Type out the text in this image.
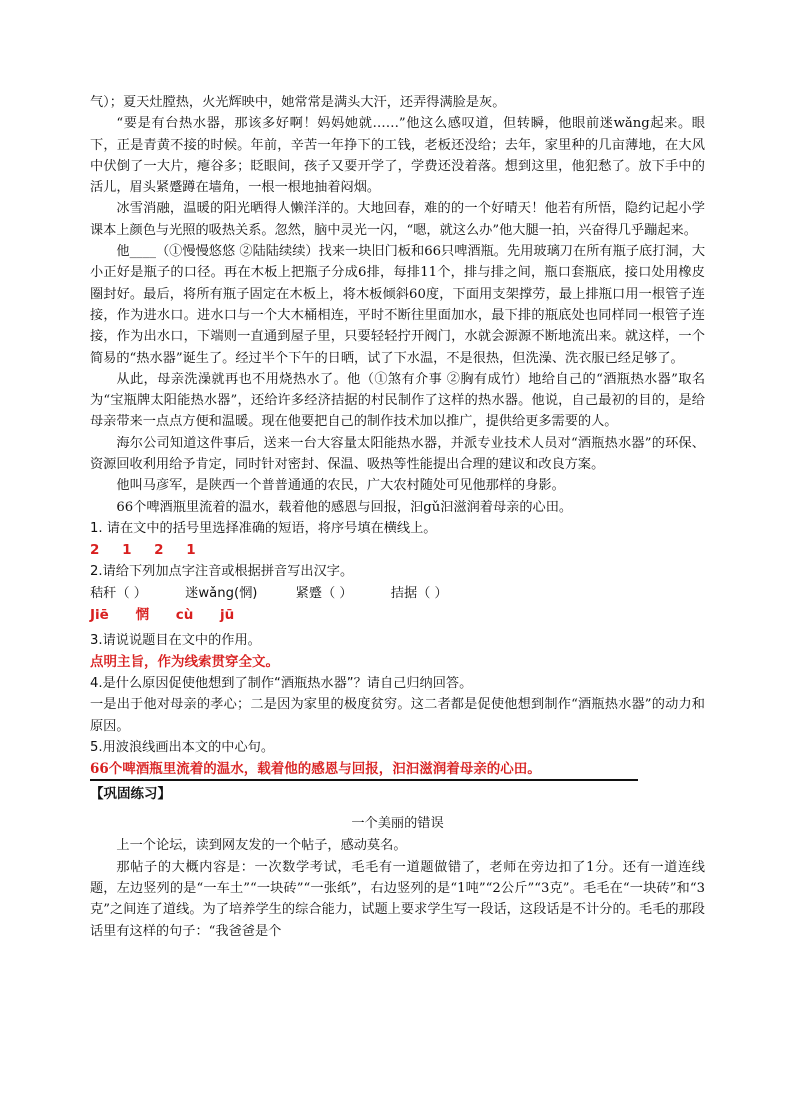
气）；夏天灶膛热，火光辉映中，她常常是满头大汗，还弄得满脸是灰。

“要是有台热水器，那该多好啊！妈妈她就……”他这么感叹道，但转瞬，他眼前迷wǎng起来。眼下，正是青黄不接的时候。年前，辛苦一年挣下的工钱，老板还没给；去年，家里种的几亩薄地，在大风中伏倒了一大片，瘪谷多；眨眼间，孩子又要开学了，学费还没着落。想到这里，他犯愁了。放下手中的活儿，眉头紧蹙蹲在墙角，一根一根地抽着闷烟。

冰雪消融，温暖的阳光晒得人懒洋洋的。大地回春，难的的一个好晴天！他若有所悟，隐约记起小学课本上颜色与光照的吸热关系。忽然，脑中灵光一闪，“嗯，就这么办”他大腿一拍，兴奋得几乎蹦起来。

他____（①慢慢悠悠 ②陆陆续续）找来一块旧门板和66只啤酒瓶。先用玻璃刀在所有瓶子底打洞，大小正好是瓶子的口径。再在木板上把瓶子分成6排，每排11个，排与排之间，瓶口套瓶底，接口处用橡皮圈封好。最后，将所有瓶子固定在木板上，将木板倾斜60度，下面用支架撑劳，最上排瓶口用一根管子连接，作为进水口。进水口与一个大木桶相连，平时不断往里面加水，最下排的瓶底处也同样同一根管子连接，作为出水口，下端则一直通到屋子里，只要轻轻拧开阀门，水就会源源不断地流出来。就这样，一个简易的“热水器”诞生了。经过半个下午的日晒，试了下水温，不是很热，但洗澡、洗衣服已经足够了。

从此，母亲洗澡就再也不用烧热水了。他（①煞有介事 ②胸有成竹）地给自己的“酒瓶热水器”取名为“宝瓶牌太阳能热水器”，还给许多经济拮据的村民制作了这样的热水器。他说，自己最初的目的，是给母亲带来一点点方便和温暖。现在他要把自己的制作技术加以推广，提供给更多需要的人。

海尔公司知道这件事后，送来一台大容量太阳能热水器，并派专业技术人员对“酒瓶热水器”的环保、资源回收利用给予肯定，同时针对密封、保温、吸热等性能提出合理的建议和改良方案。

他叫马彦军，是陕西一个普普通通的农民，广大农村随处可见他那样的身影。

66个啤酒瓶里流着的温水，载着他的感恩与回报，汩gǔ汩滋润着母亲的心田。

1. 请在文中的括号里选择准确的短语，将序号填在横线上。

2 1 2 1

2.请给下列加点字注音或根据拼音写出汉字。

秸秆（ ）	迷wǎng(惘)	紧蹙（ ）	拮据（ ）

Jiē 惘 cù jū

3.请说说题目在文中的作用。

点明主旨，作为线索贯穿全文。

4.是什么原因促使他想到了制作“酒瓶热水器”？请自己归纳回答。

一是出于他对母亲的孝心；二是因为家里的极度贫穷。这二者都是促使他想到制作“酒瓶热水器”的动力和原因。

5.用波浪线画出本文的中心句。

66个啤酒瓶里流着的温水，载着他的感恩与回报，汩汩滋润着母亲的心田。

【巩固练习】

一个美丽的错误

上一个论坛，读到网友发的一个帖子，感动莫名。

那帖子的大概内容是：一次数学考试，毛毛有一道题做错了，老师在旁边扣了1分。还有一道连线题，左边竖列的是“一车土”“一块砖”“一张纸”，右边竖列的是“1吨”“2公斤”“3克”。毛毛在“一块砖”和“3克”之间连了道线。为了培养学生的综合能力，试题上要求学生写一段话，这段话是不计分的。毛毛的那段话里有这样的句子：“我爸爸是个
